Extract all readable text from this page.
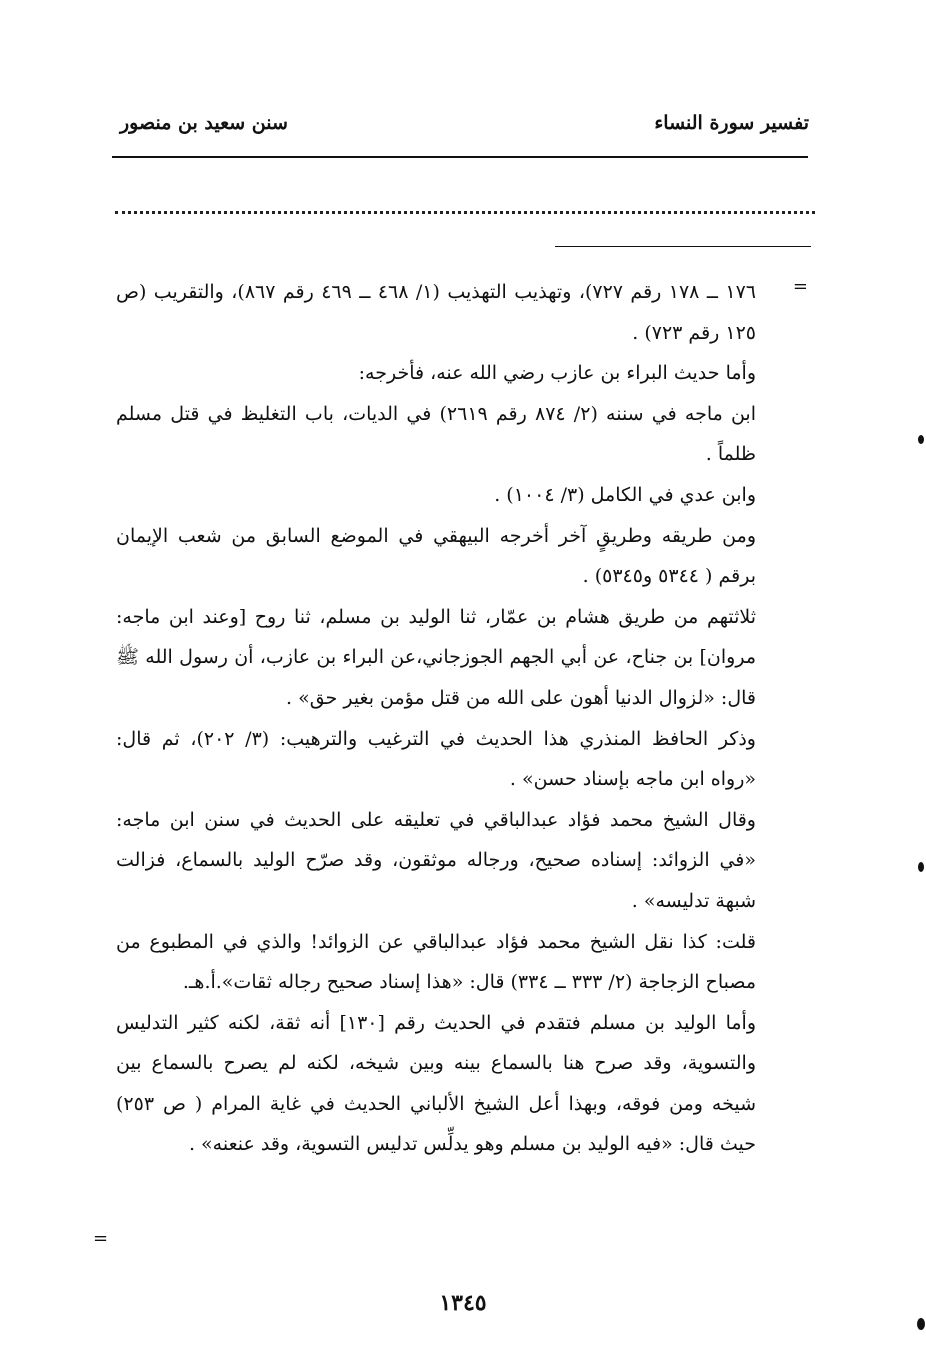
تفسير سورة النساء
سنن سعيد بن منصور
=

١٧٦ ــ ١٧٨ رقم ٧٢٧)، وتهذيب التهذيب (١/ ٤٦٨ ــ ٤٦٩ رقم ٨٦٧)، والتقريب (ص ١٢٥ رقم ٧٢٣) .

وأما حديث البراء بن عازب رضي الله عنه، فأخرجه:

ابن ماجه في سننه (٢/ ٨٧٤ رقم ٢٦١٩) في الديات، باب التغليظ في قتل مسلم ظلماً .

وابن عدي في الكامل (٣/ ١٠٠٤) .

ومن طريقه وطريقٍ آخر أخرجه البيهقي في الموضع السابق من شعب الإيمان برقم ( ٥٣٤٤ و٥٣٤٥) .

ثلاثتهم من طريق هشام بن عمّار، ثنا الوليد بن مسلم، ثنا روح [وعند ابن ماجه: مروان] بن جناح، عن أبي الجهم الجوزجاني،عن البراء بن عازب، أن رسول الله ﷺ قال: «لزوال الدنيا أهون على الله من قتل مؤمن بغير حق» .

وذكر الحافظ المنذري هذا الحديث في الترغيب والترهيب: (٣/ ٢٠٢)، ثم قال: «رواه ابن ماجه بإسناد حسن» .

وقال الشيخ محمد فؤاد عبدالباقي في تعليقه على الحديث في سنن ابن ماجه: «في الزوائد: إسناده صحيح، ورجاله موثقون، وقد صرّح الوليد بالسماع، فزالت شبهة تدليسه» .

قلت: كذا نقل الشيخ محمد فؤاد عبدالباقي عن الزوائد! والذي في المطبوع من مصباح الزجاجة (٢/ ٣٣٣ ــ ٣٣٤) قال: «هذا إسناد صحيح رجاله ثقات».أ.هـ.

وأما الوليد بن مسلم فتقدم في الحديث رقم [١٣٠] أنه ثقة، لكنه كثير التدليس والتسوية، وقد صرح هنا بالسماع بينه وبين شيخه، لكنه لم يصرح بالسماع بين شيخه ومن فوقه، وبهذا أعل الشيخ الألباني الحديث في غاية المرام ( ص ٢٥٣) حيث قال: «فيه الوليد بن مسلم وهو يدلِّس تدليس التسوية، وقد عنعنه» .

=
١٣٤٥
